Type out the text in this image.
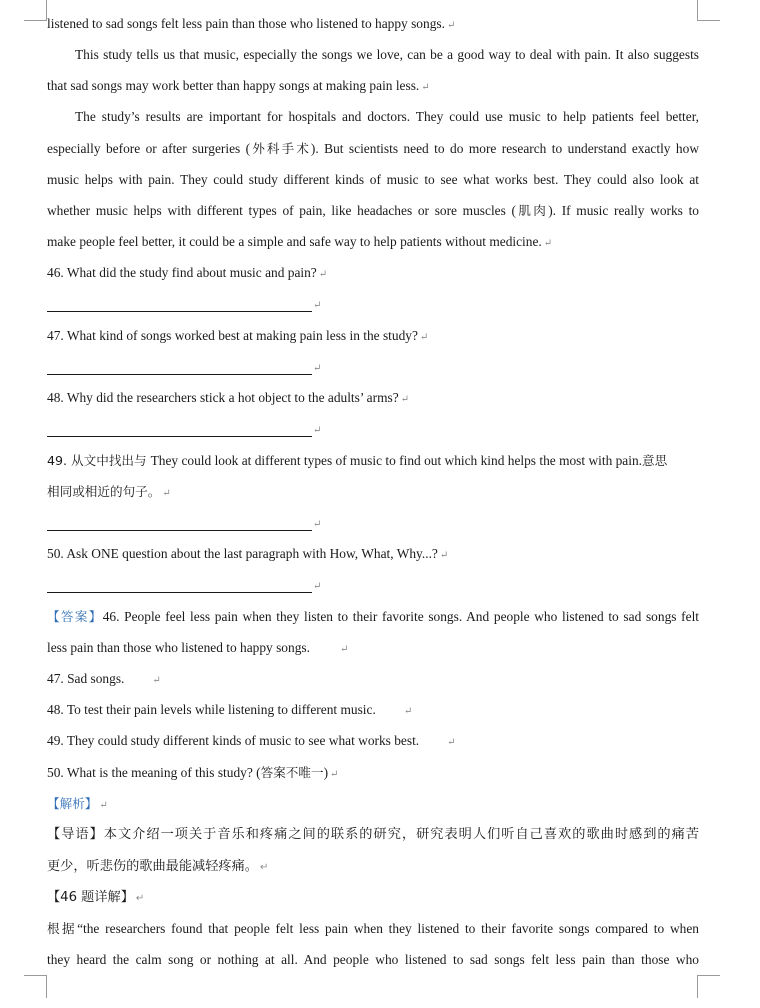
listened to sad songs felt less pain than those who listened to happy songs. ↵

This study tells us that music, especially the songs we love, can be a good way to deal with pain. It also suggests

that sad songs may work better than happy songs at making pain less. ↵

The study’s results are important for hospitals and doctors. They could use music to help patients feel better,

especially before or after surgeries (外科手术). But scientists need to do more research to understand exactly how

music helps with pain. They could study different kinds of music to see what works best. They could also look at

whether music helps with different types of pain, like headaches or sore muscles (肌肉). If music really works to

make people feel better, it could be a simple and safe way to help patients without medicine. ↵

46. What did the study find about music and pain? ↵

↵

47. What kind of songs worked best at making pain less in the study? ↵

↵

48. Why did the researchers stick a hot object to the adults’ arms? ↵

↵

49. 从文中找出与 They could look at different types of music to find out which kind helps the most with pain.意思

相同或相近的句子。 ↵

↵

50. Ask ONE question about the last paragraph with How, What, Why...? ↵

↵

【答案】46. People feel less pain when they listen to their favorite songs. And people who listened to sad songs felt

less pain than those who listened to happy songs.	↵

47. Sad songs.	↵

48. To test their pain levels while listening to different music.	↵

49. They could study different kinds of music to see what works best.	↵

50. What is the meaning of this study? (答案不唯一) ↵

【解析】 ↵

【导语】本文介绍一项关于音乐和疼痛之间的联系的研究，研究表明人们听自己喜欢的歌曲时感到的痛苦

更少，听悲伤的歌曲最能减轻疼痛。 ↵

【46 题详解】 ↵

根据“the researchers found that people felt less pain when they listened to their favorite songs compared to when

they heard the calm song or nothing at all. And people who listened to sad songs felt less pain than those who
